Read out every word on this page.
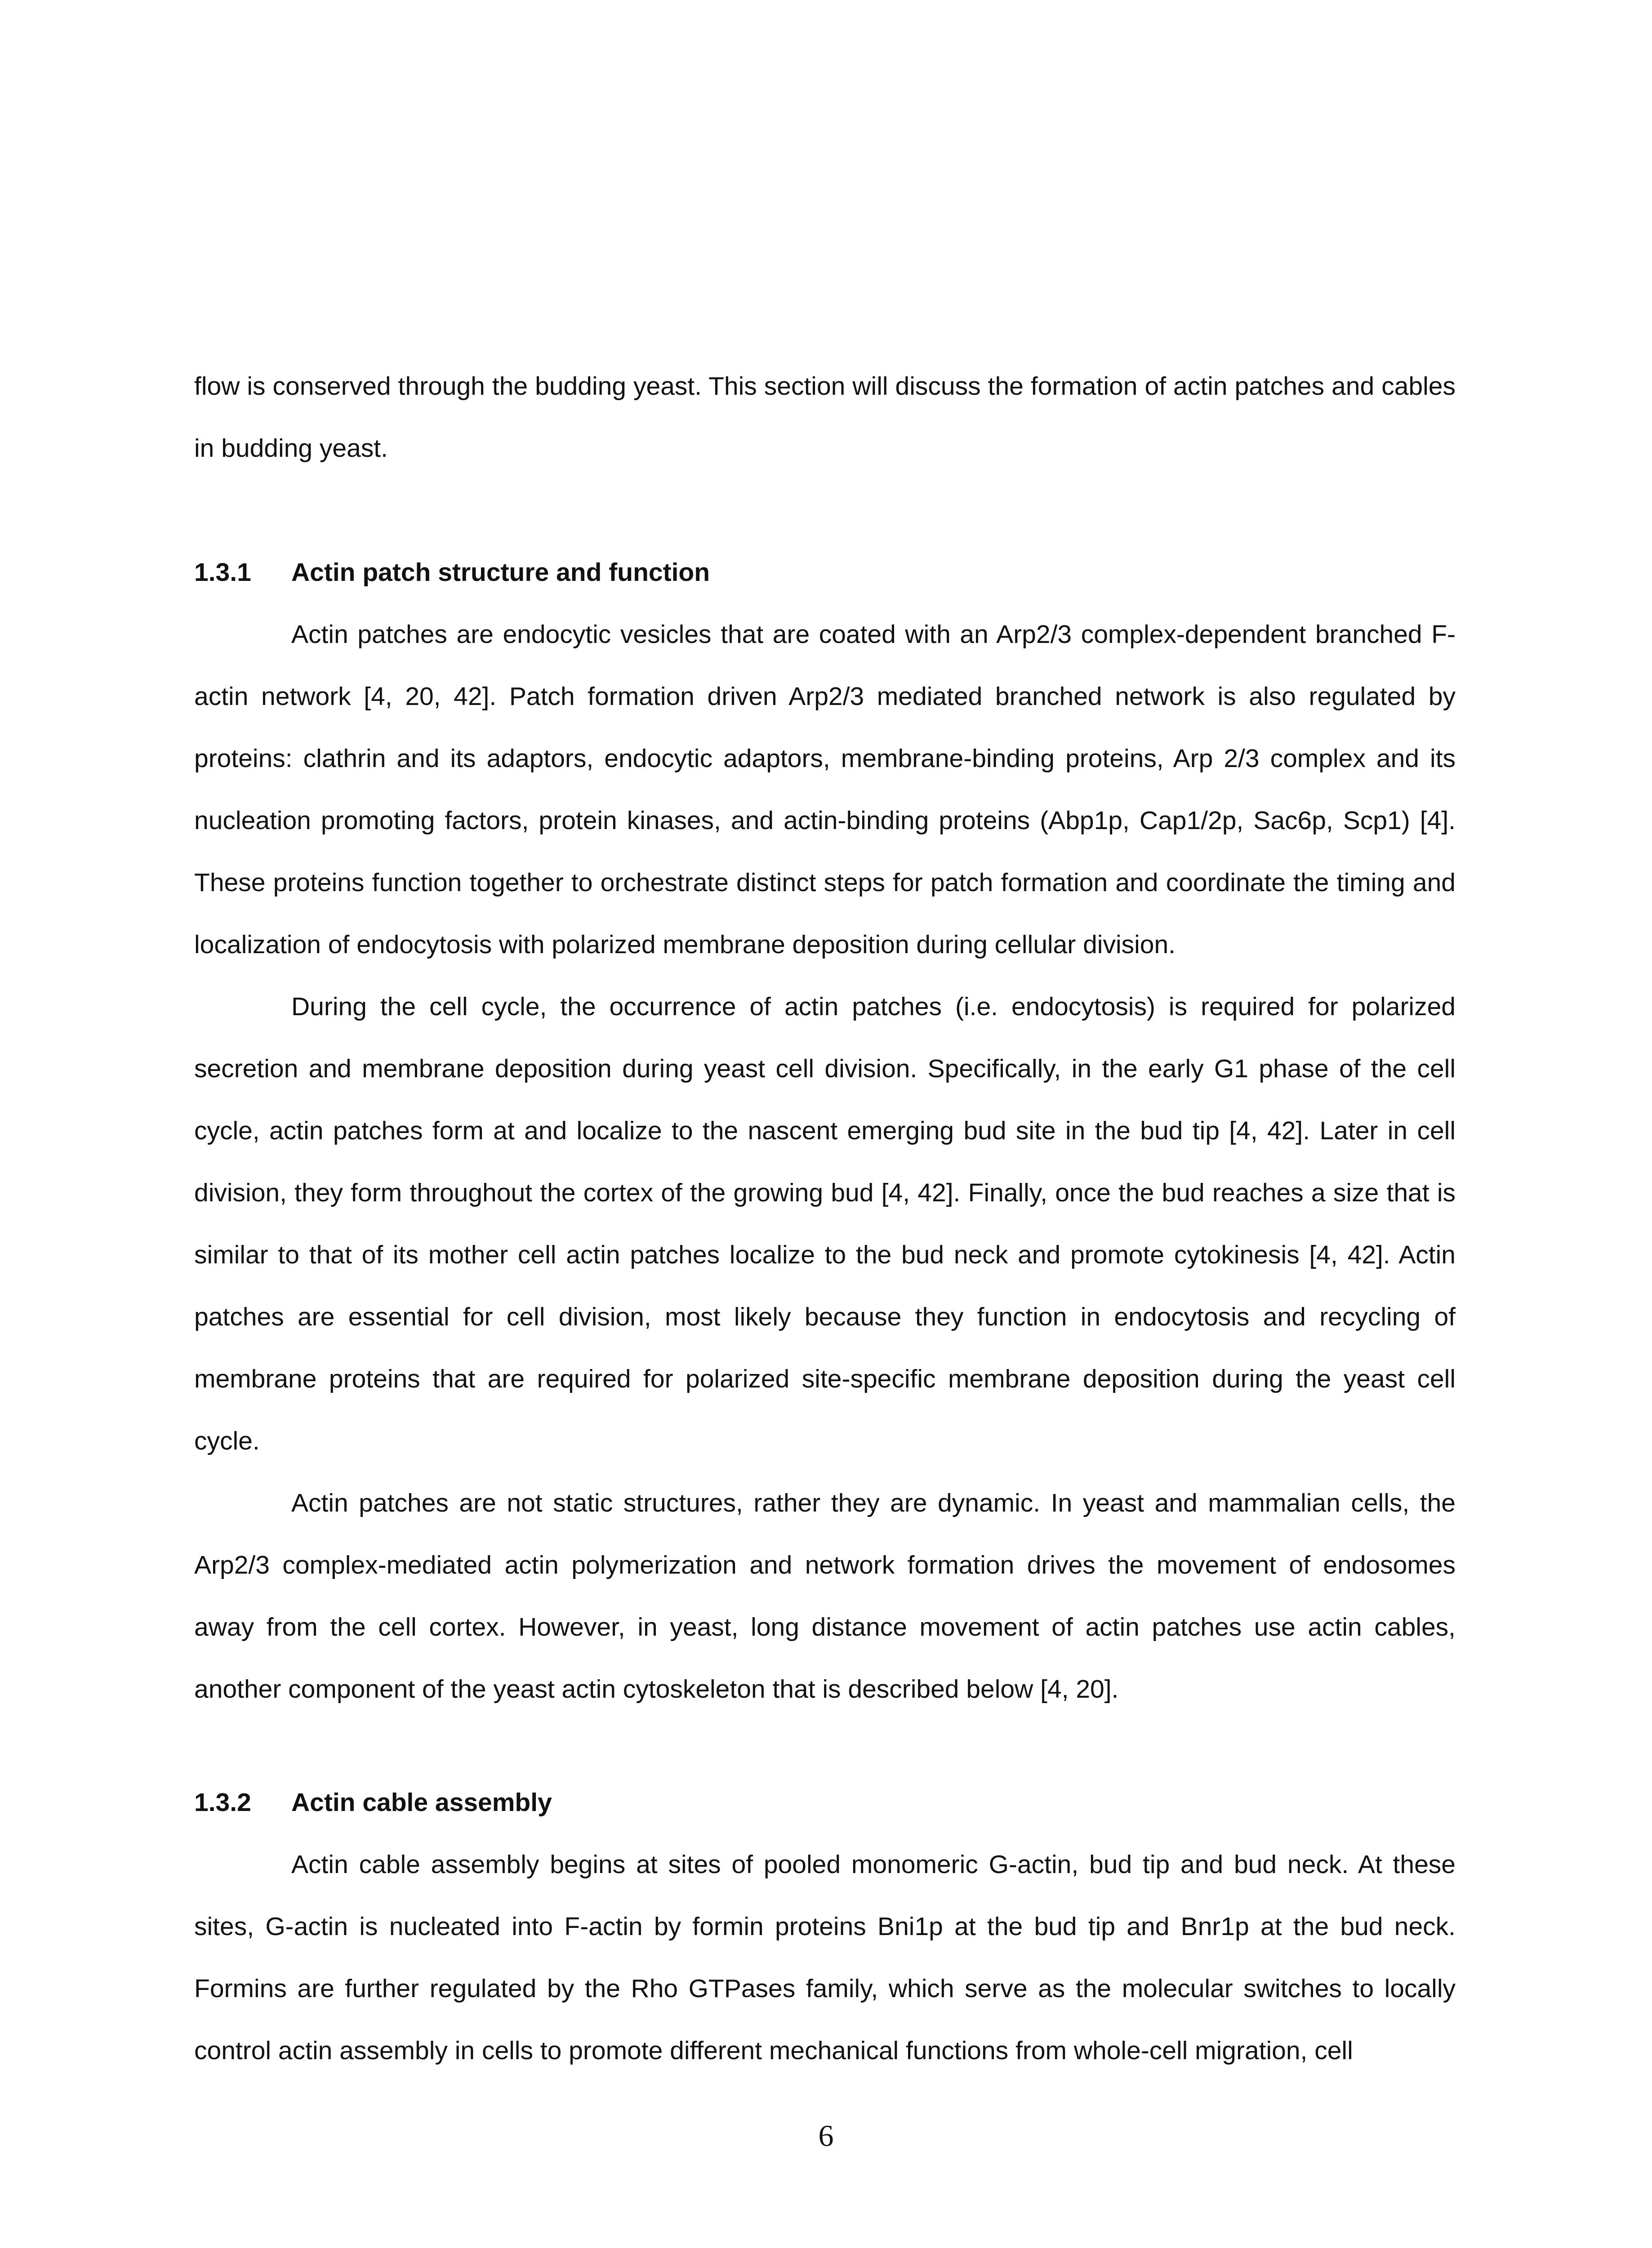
flow is conserved through the budding yeast. This section will discuss the formation of actin patches and cables in budding yeast.

1.3.1 Actin patch structure and function

Actin patches are endocytic vesicles that are coated with an Arp2/3 complex-dependent branched F-actin network [4, 20, 42]. Patch formation driven Arp2/3 mediated branched network is also regulated by proteins: clathrin and its adaptors, endocytic adaptors, membrane-binding proteins, Arp 2/3 complex and its nucleation promoting factors, protein kinases, and actin-binding proteins (Abp1p, Cap1/2p, Sac6p, Scp1) [4]. These proteins function together to orchestrate distinct steps for patch formation and coordinate the timing and localization of endocytosis with polarized membrane deposition during cellular division.

During the cell cycle, the occurrence of actin patches (i.e. endocytosis) is required for polarized secretion and membrane deposition during yeast cell division. Specifically, in the early G1 phase of the cell cycle, actin patches form at and localize to the nascent emerging bud site in the bud tip [4, 42]. Later in cell division, they form throughout the cortex of the growing bud [4, 42]. Finally, once the bud reaches a size that is similar to that of its mother cell actin patches localize to the bud neck and promote cytokinesis [4, 42]. Actin patches are essential for cell division, most likely because they function in endocytosis and recycling of membrane proteins that are required for polarized site-specific membrane deposition during the yeast cell cycle.

Actin patches are not static structures, rather they are dynamic. In yeast and mammalian cells, the Arp2/3 complex-mediated actin polymerization and network formation drives the movement of endosomes away from the cell cortex. However, in yeast, long distance movement of actin patches use actin cables, another component of the yeast actin cytoskeleton that is described below [4, 20].

1.3.2 Actin cable assembly

Actin cable assembly begins at sites of pooled monomeric G-actin, bud tip and bud neck. At these sites, G-actin is nucleated into F-actin by formin proteins Bni1p at the bud tip and Bnr1p at the bud neck. Formins are further regulated by the Rho GTPases family, which serve as the molecular switches to locally control actin assembly in cells to promote different mechanical functions from whole-cell migration, cell

6
